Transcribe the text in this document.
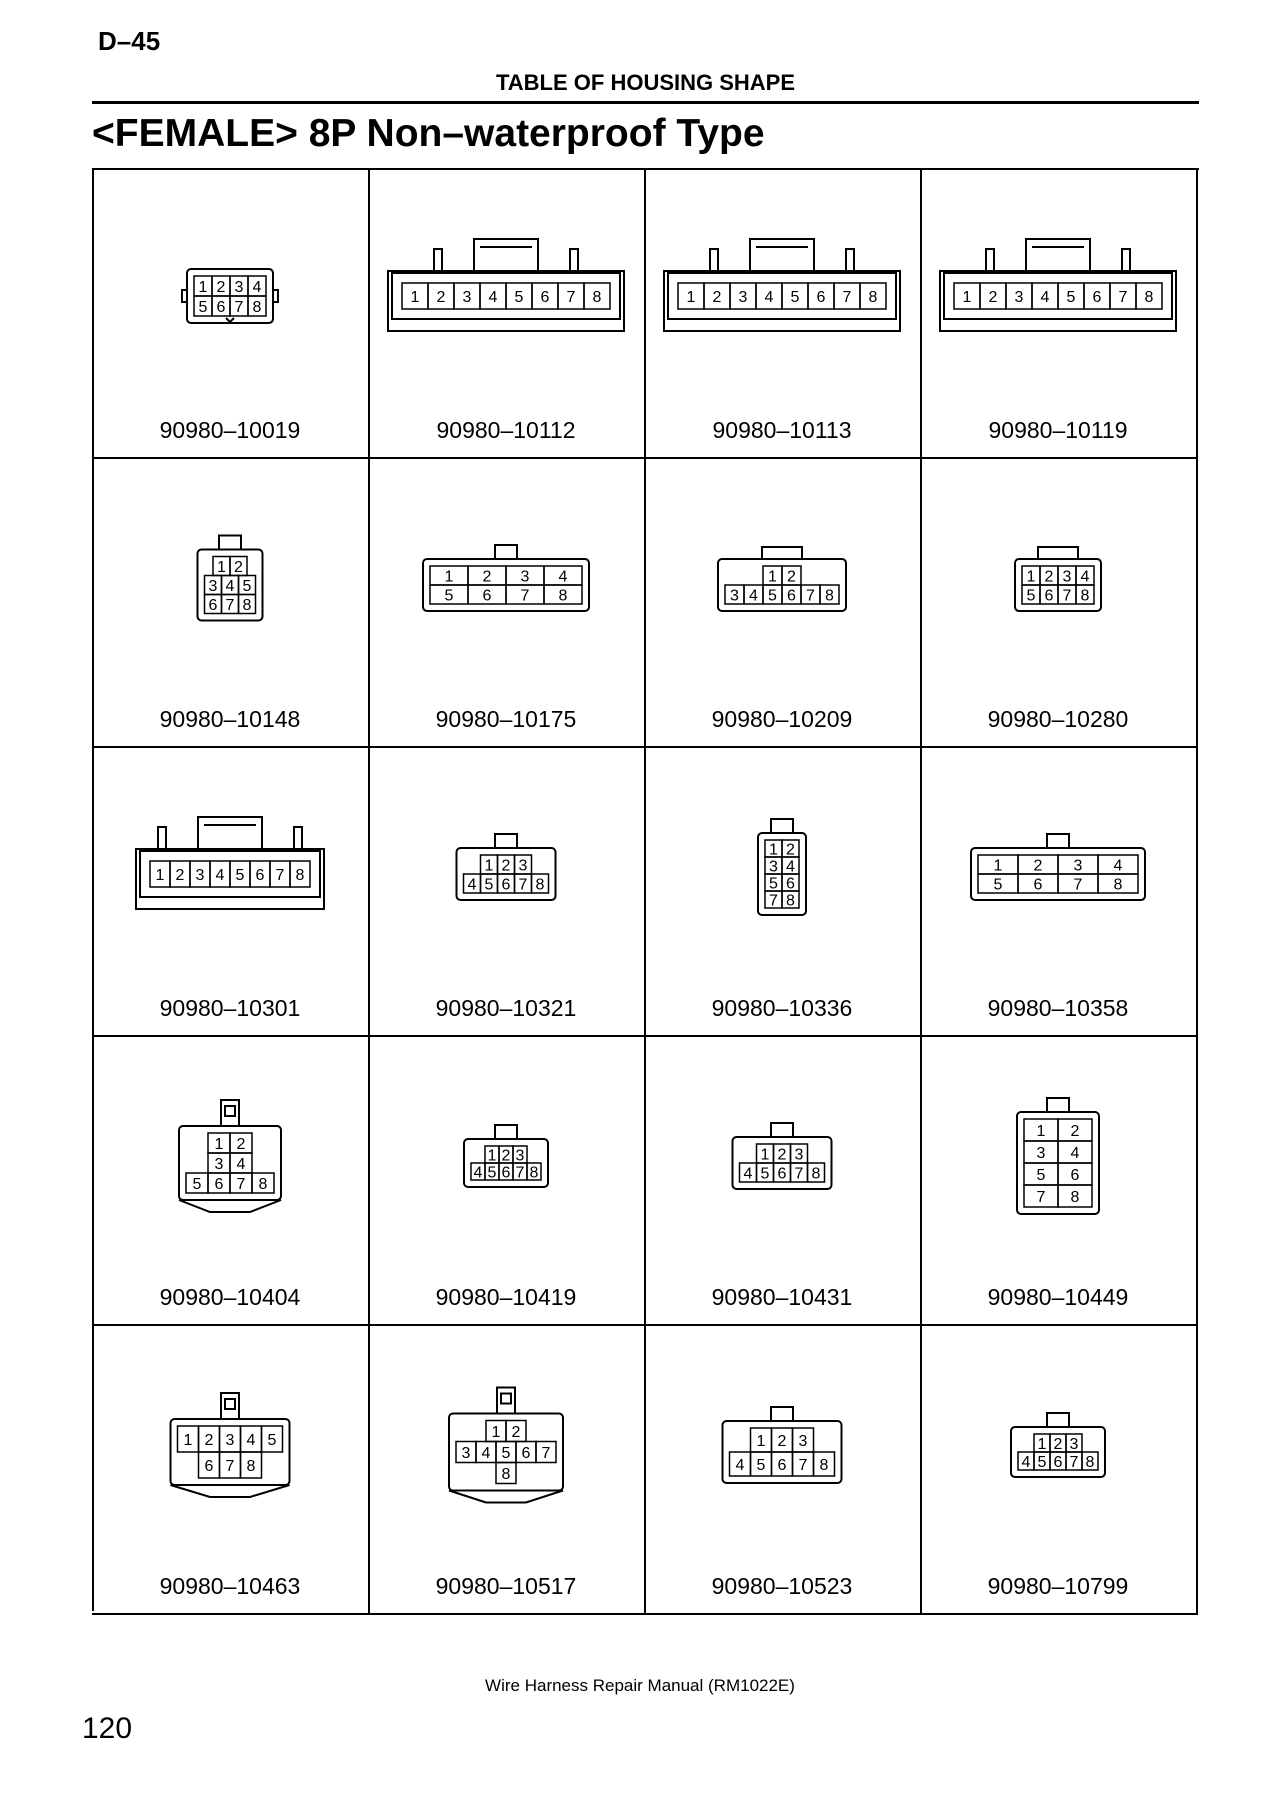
D–45
TABLE OF HOUSING SHAPE
<FEMALE> 8P Non–waterproof Type
1 2 3 4
5 6 7 8
90980–10019
1 2 3 4 5 6 7 8
90980–10112
1 2 3 4 5 6 7 8
90980–10113
1 2 3 4 5 6 7 8
90980–10119
1 2
3 4 5
6 7 8
90980–10148
1 2 3 4
5 6 7 8
90980–10175
1 2
3 4 5 6 7 8
90980–10209
1 2 3 4
5 6 7 8
90980–10280
1 2 3 4 5 6 7 8
90980–10301
1 2 3
4 5 6 7 8
90980–10321
1 2
3 4
5 6
7 8
90980–10336
1 2 3 4
5 6 7 8
90980–10358
1 2
3 4
5 6 7 8
90980–10404
1 2 3
4 5 6 7 8
90980–10419
1 2 3
4 5 6 7 8
90980–10431
1 2
3 4
5 6
7 8
90980–10449
1 2 3 4 5
6 7 8
90980–10463
1 2
3 4 5 6 7
8
90980–10517
1 2 3
4 5 6 7 8
90980–10523
1 2 3
4 5 6 7 8
90980–10799
Wire Harness Repair Manual (RM1022E)
120
